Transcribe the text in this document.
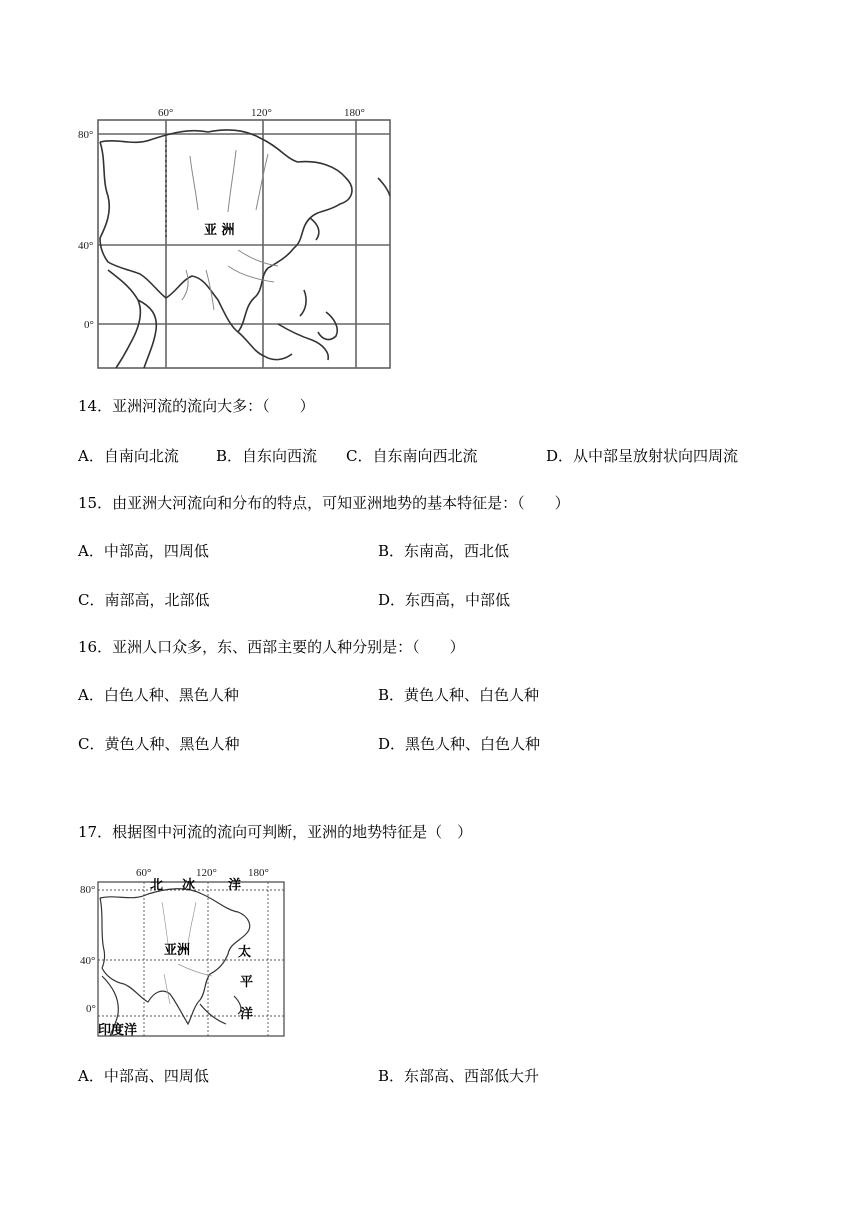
60°	120°	180°
80°
40°
0°
亚 洲
14．亚洲河流的流向大多：（　　）
A．自南向北流 B．自东向西流 C．自东南向西北流	D．从中部呈放射状向四周流
15．由亚洲大河流向和分布的特点，可知亚洲地势的基本特征是：（　　）
A．中部高，四周低	B．东南高，西北低
C．南部高，北部低	D．东西高，中部低
16．亚洲人口众多，东、西部主要的人种分别是：（　　）
A．白色人种、黑色人种	B．黄色人种、白色人种
C．黄色人种、黑色人种	D．黑色人种、白色人种
17．根据图中河流的流向可判断，亚洲的地势特征是（　）
60°	120°	180°
80°
40°
0°
北 冰	洋
亚洲	太
平
洋
印度洋
A．中部高、四周低	B．东部高、西部低大升
